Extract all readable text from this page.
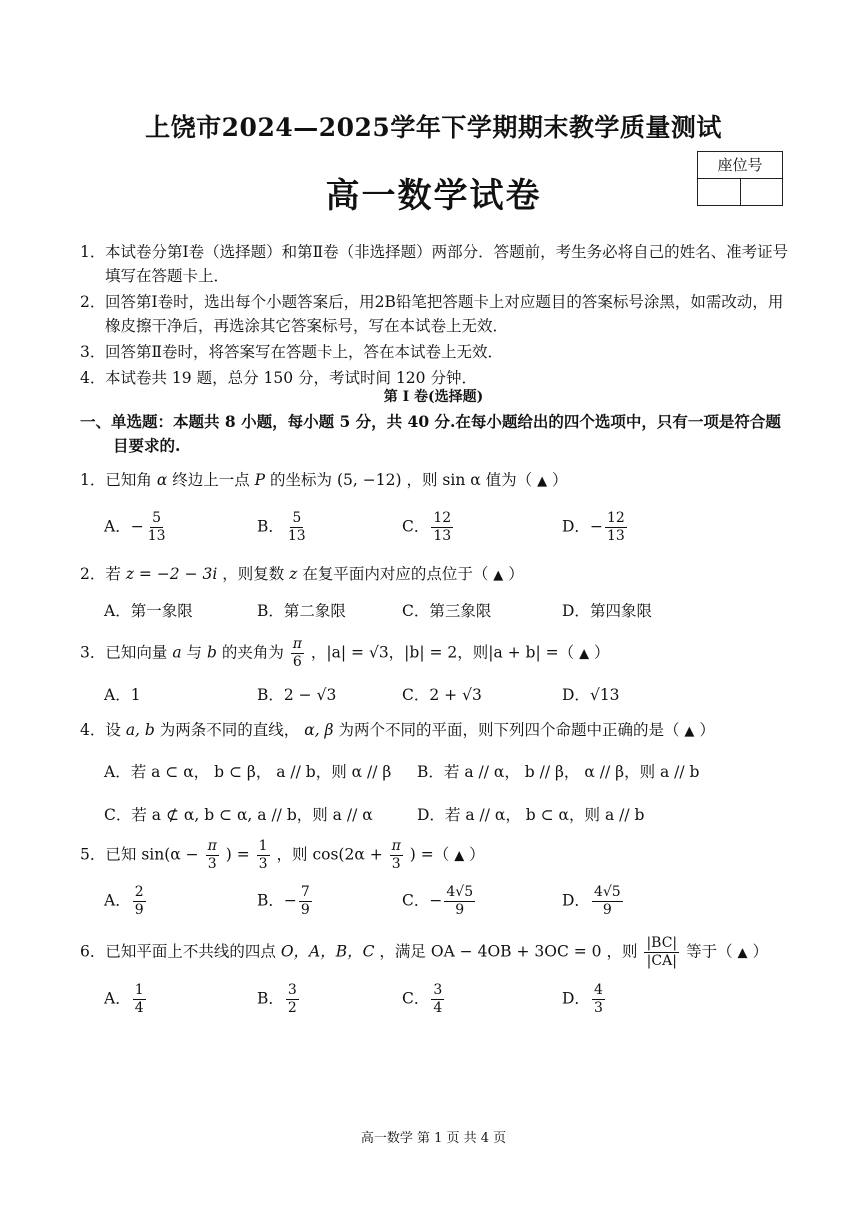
上饶市2024—2025学年下学期期末教学质量测试
高一数学试卷
座位号
1． 本试卷分第Ⅰ卷（选择题）和第Ⅱ卷（非选择题）两部分．答题前，考生务必将自己的姓名、准考证号填写在答题卡上．
2． 回答第Ⅰ卷时，选出每个小题答案后，用2B铅笔把答题卡上对应题目的答案标号涂黑，如需改动，用橡皮擦干净后，再选涂其它答案标号，写在本试卷上无效．
3． 回答第Ⅱ卷时，将答案写在答题卡上，答在本试卷上无效．
4． 本试卷共 19 题，总分 150 分，考试时间 120 分钟．
第 I 卷(选择题)
一、单选题：本题共 8 小题，每小题 5 分，共 40 分.在每小题给出的四个选项中，只有一项是符合题
目要求的.
1．已知角 α 终边上一点 P 的坐标为 (5, −12) ，则 sin α 值为（ ▲ ）
A．− $\frac{5}{13}$	B． $\frac{5}{13}$	C． $\frac{12}{13}$	D．− $\frac{12}{13}$
2．若 z = −2 − 3i ，则复数 z 在复平面内对应的点位于（ ▲ ）
A．第一象限	B．第二象限	C．第三象限	D．第四象限
3．已知向量 a 与 b 的夹角为 $\frac{\pi}{6}$ ，|a| = √3，|b| = 2，则|a + b| =（ ▲ ）
A．1	B．2 − √3	C．2 + √3	D．√13
4．设 a, b 为两条不同的直线， α, β 为两个不同的平面，则下列四个命题中正确的是（ ▲ ）
A．若 a ⊂ α， b ⊂ β， a // b，则 α // β B．若 a // α， b // β， α // β，则 a // b
C．若 a ⊄ α, b ⊂ α, a // b，则 a // α	D．若 a // α， b ⊂ α，则 a // b
5．已知 $\sin(\alpha - \frac{\pi}{3}$ ) = $\frac{1}{3}$ ，则 $\cos(2\alpha + \frac{\pi}{3}$ ) =（ ▲ ）
A． $\frac{2}{9}$	B．− $\frac{7}{9}$	C．− $\frac{4√5}{9}$	D． $\frac{4√5}{9}$
6．已知平面上不共线的四点 O，A，B，C ，满足 OA − 4OB + 3OC = 0 ，则 $\frac{|BC|}{|CA|}$ 等于（ ▲ ）
A． $\frac{1}{4}$	B． $\frac{3}{2}$	C． $\frac{3}{4}$	D． $\frac{4}{3}$
高一数学 第 1 页 共 4 页
